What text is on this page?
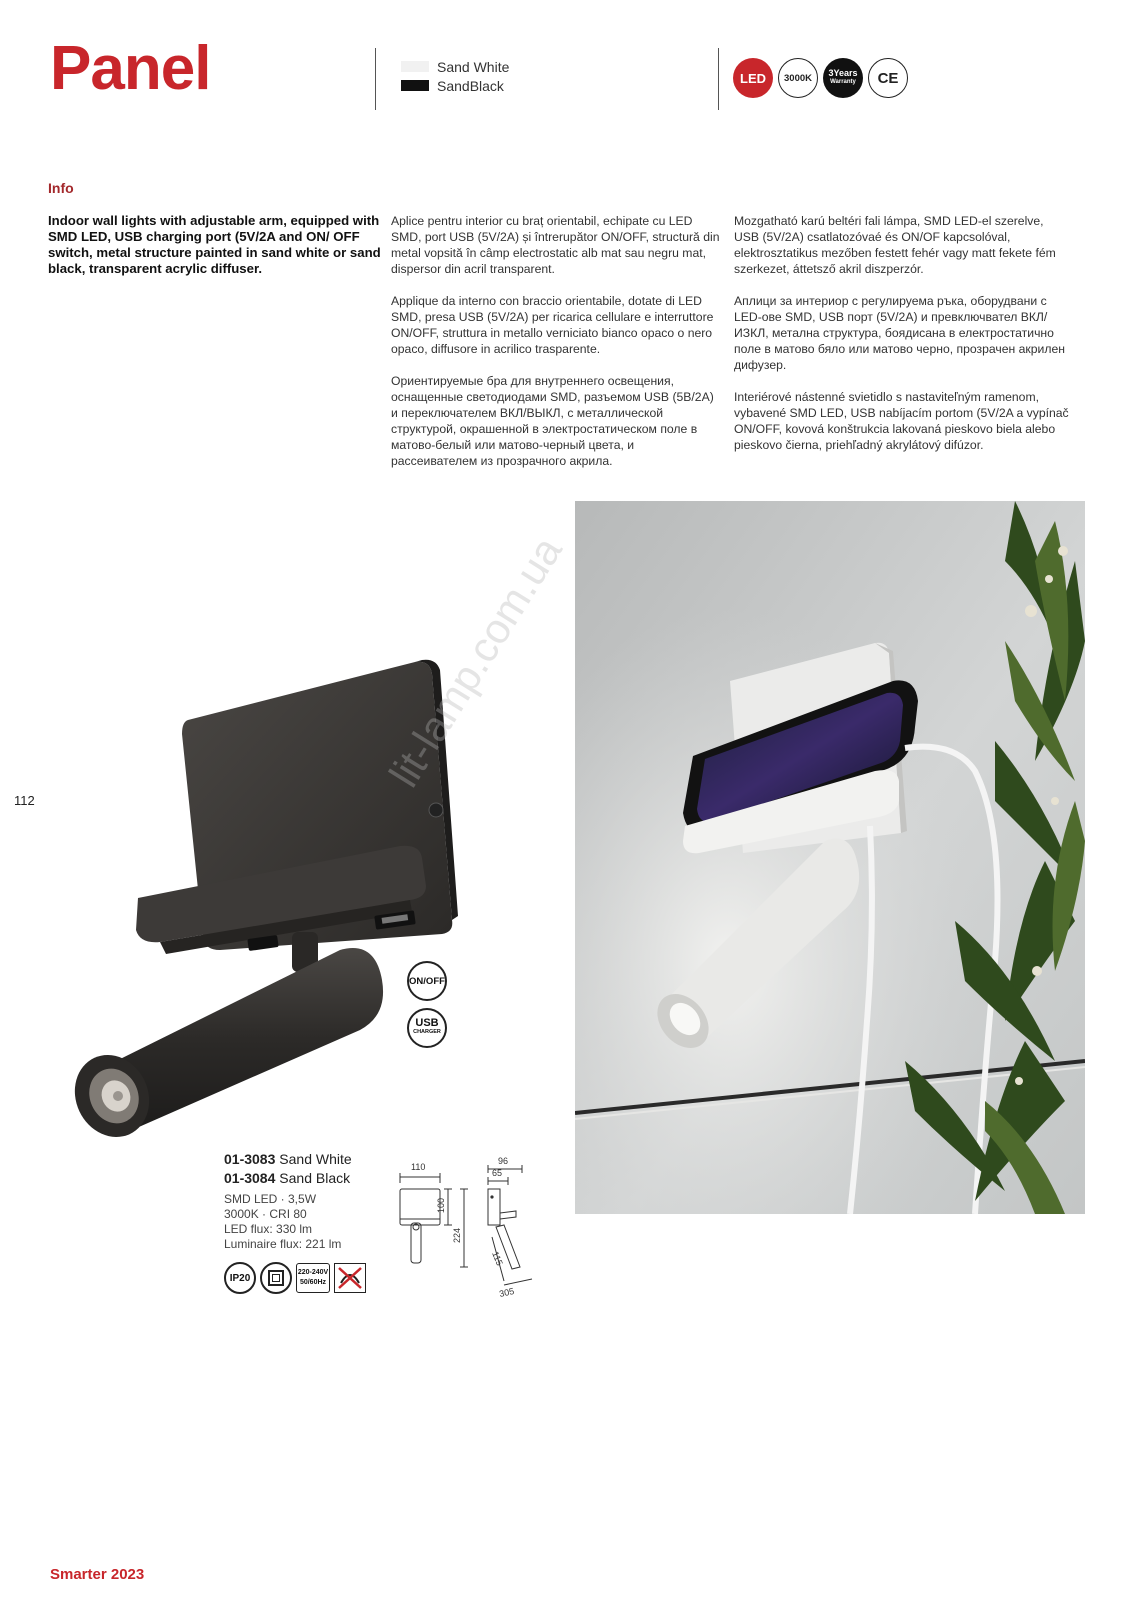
Panel	Sand White
SandBlack	LED	3000K	3Years
Warranty	CE
Info
Indoor wall lights with adjustable arm, equipped with SMD LED, USB charging port (5V/2A and ON/ OFF switch, metal structure painted in sand white or sand black, transparent acrylic diffuser.

Aplice pentru interior cu braț orientabil, echipate cu LED SMD, port USB (5V/2A) și întrerupător ON/OFF, structură din metal vopsită în câmp electrostatic alb mat sau negru mat, dispersor din acril transparent.

Applique da interno con braccio orientabile, dotate di LED SMD, presa USB (5V/2A) per ricarica cellulare e interruttore ON/OFF, struttura in metallo verniciato bianco opaco o nero opaco, diffusore in acrilico trasparente.

Ориентируемые бра для внутреннего освещения, оснащенные светодиодами SMD, разъемом USB (5В/2А) и переключателем ВКЛ/ВЫКЛ, с металлической структурой, окрашенной в электростатическом поле в матово-белый или матово-черный цвета, и рассеивателем из прозрачного акрила.

Mozgatható karú beltéri fali lámpa, SMD LED-el szerelve, USB (5V/2A) csatlatozóvaé és ON/OF kapcsolóval, elektrosztatikus mezőben festett fehér vagy matt fekete fém szerkezet, áttetsző akril diszperzór.

Аплици за интериор с регулируема ръка, оборудвани с LED-ове SMD, USB порт (5V/2A) и превключвател ВКЛ/ИЗКЛ, метална структура, боядисана в електростатично поле в матово бяло или матово черно, прозрачен акрилен дифузер.

Interiérové nástenné svietidlo s nastaviteľným ramenom, vybavené SMD LED, USB nabíjacím portom (5V/2A a vypínač ON/OFF, kovová konštrukcia lakovaná pieskovo biela alebo pieskovo čierna, priehľadný akrylátový difúzor.

112
lit-lamp.com.ua
ON/OFF
USB
CHARGER
01-3083 Sand White
01-3084 Sand Black
SMD LED · 3,5W
3000K · CRI 80
LED flux: 330 lm
Luminaire flux: 221 lm
IP20	220-240V
50/60Hz
110
100
224
96
65
115
305
Smarter 2023
